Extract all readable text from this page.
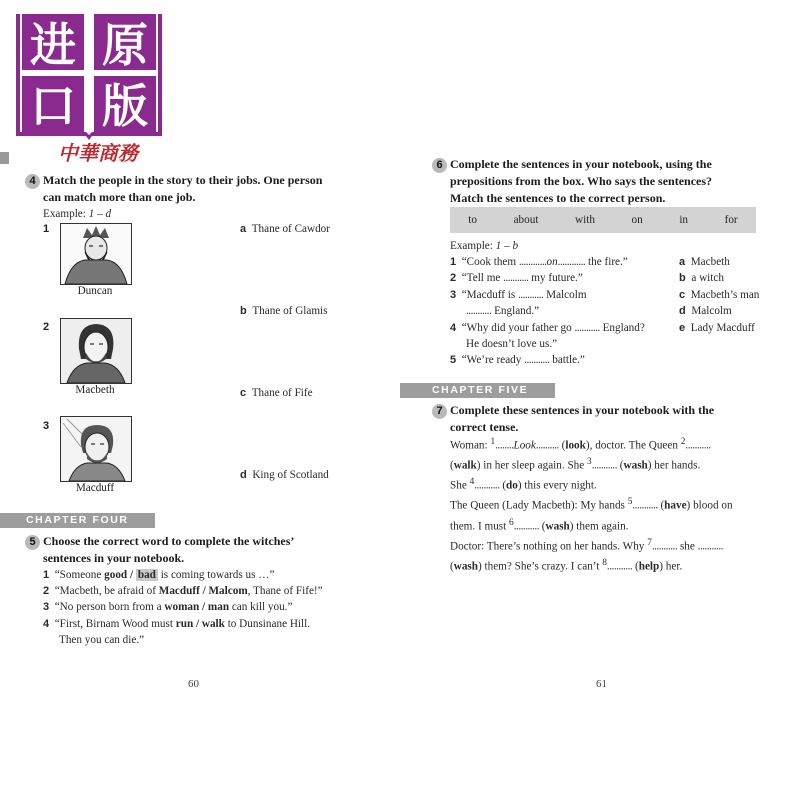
进 原
口 版
中華商務
4 Match the people in the story to their jobs. One person
can match more than one job.
Example: 1 – d
1
Duncan
2
Macbeth
3
Macduff
a Thane of Cawdor
b Thane of Glamis
c Thane of Fife
d King of Scotland
CHAPTER FOUR
5 Choose the correct word to complete the witches’
sentences in your notebook.
1 “Someone good / bad is coming towards us …”
2 “Macbeth, be afraid of Macduff / Malcom, Thane of Fife!”
3 “No person born from a woman / man can kill you.”
4 “First, Birnam Wood must run / walk to Dunsinane Hill.
Then you can die.”
60
6 Complete the sentences in your notebook, using the
prepositions from the box. Who says the sentences?
Match the sentences to the correct person.
to	about	with	on	in	for
Example: 1 – b
1 “Cook them ............on............ the fire.”
2 “Tell me ........... my future.”
3 “Macduff is ........... Malcolm
........... England.”
4 “Why did your father go ........... England?
He doesn’t love us.”
5 “We’re ready ........... battle.”
a Macbeth
b a witch
c Macbeth’s man
d Malcolm
e Lady Macduff
CHAPTER FIVE
7 Complete these sentences in your notebook with the
correct tense.
Woman: $^1$........Look.......... (look), doctor. The Queen $^2$...........
(walk) in her sleep again. She $^3$........... (wash) her hands.
She $^4$........... (do) this every night.
The Queen (Lady Macbeth): My hands $^5$........... (have) blood on
them. I must $^6$........... (wash) them again.
Doctor: There’s nothing on her hands. Why $^7$........... she ...........
(wash) them? She’s crazy. I can’t $^8$........... (help) her.
61
